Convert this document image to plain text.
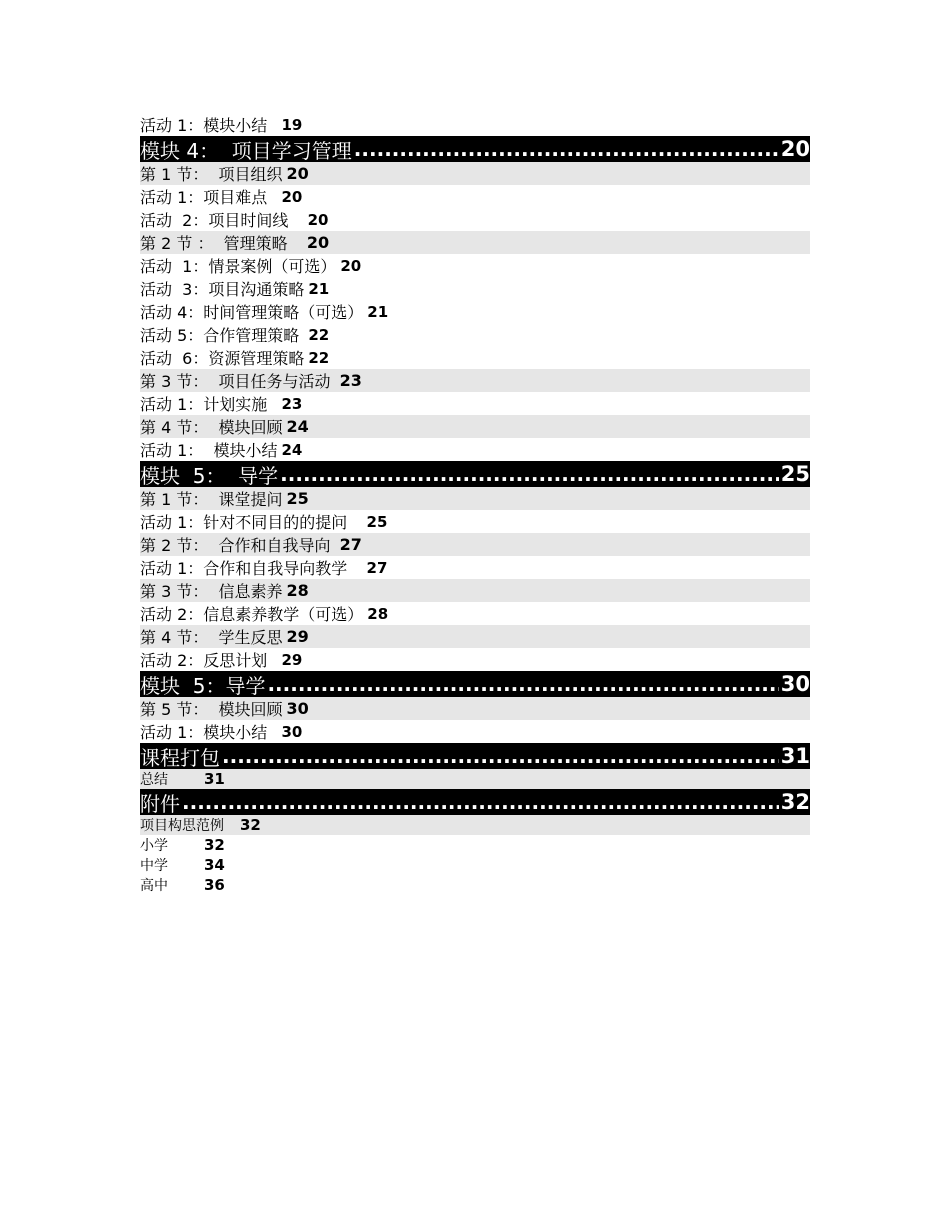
活动 1：模块小结 19
模块 4：  项目学习管理 .....	20
第 1 节：  项目组织 20
活动 1：项目难点 20
活动  2：项目时间线 20
第 2 节 ：  管理策略 20
活动  1：情景案例（可选） 20
活动  3：项目沟通策略 21
活动 4：时间管理策略（可选） 21
活动 5：合作管理策略 22
活动  6：资源管理策略 22
第 3 节：  项目任务与活动 23
活动 1：计划实施 23
第 4 节：  模块回顾 24
活动 1：  模块小结 24
模块  5：  导学 .....	25
第 1 节：  课堂提问 25
活动 1：针对不同目的的提问 25
第 2 节：  合作和自我导向 27
活动 1：合作和自我导向教学 27
第 3 节：  信息素养 28
活动 2：信息素养教学（可选） 28
第 4 节：  学生反思 29
活动 2：反思计划 29
模块  5：导学 .....	30
第 5 节：  模块回顾 30
活动 1：模块小结 30
课程打包 .....	31
总结	31
附件 .....	32
项目构思范例	32
小学	32
中学	34
高中	36
